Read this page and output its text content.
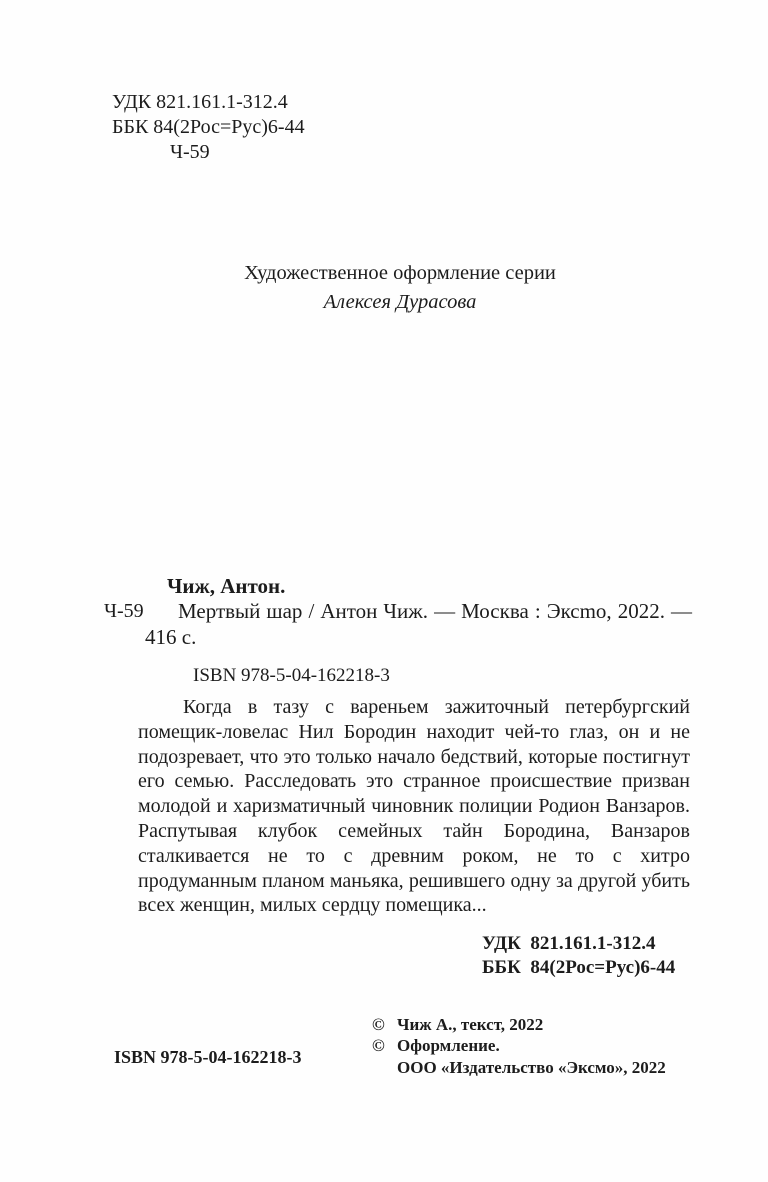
УДК 821.161.1-312.4
ББК 84(2Рос=Рус)6-44
Ч-59
Художественное оформление серии
Алексея Дурасова
Чиж, Антон.
Ч-59	Мертвый шар / Антон Чиж. — Москва : Эксmо, 2022. — 416 с.
ISBN 978-5-04-162218-3

Когда в тазу с вареньем зажиточный петербургский помещик-ловелас Нил Бородин находит чей-то глаз, он и не подозревает, что это только начало бедствий, которые постигнут его семью. Расследовать это странное происшествие призван молодой и харизматичный чиновник полиции Родион Ванзаров. Распутывая клубок семейных тайн Бородина, Ванзаров сталкивается не то с древним роком, не то с хитро продуманным планом маньяка, решившего одну за другой убить всех женщин, милых сердцу помещика...

УДК  821.161.1-312.4
ББК  84(2Рос=Рус)6-44
ISBN 978-5-04-162218-3
© Чиж А., текст, 2022
© Оформление.
ООО «Издательство «Эксмо», 2022
